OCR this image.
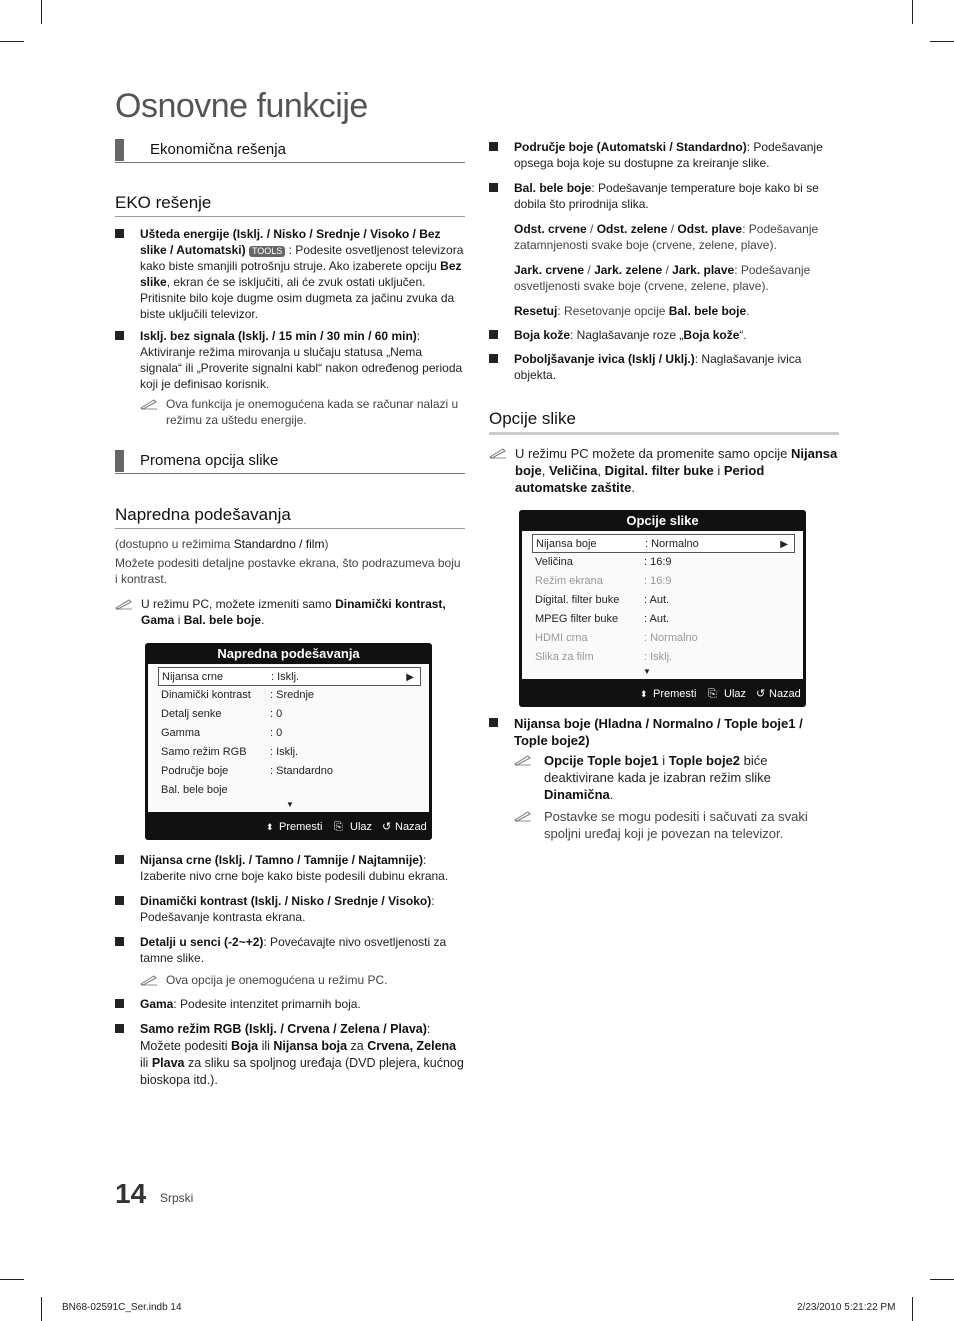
Osnovne funkcije
Ekonomična rešenja
EKO rešenje
Ušteda energije (Isklj. / Nisko / Srednje / Visoko / Bez slike / Automatski) TOOLS : Podesite osvetljenost televizora kako biste smanjili potrošnju struje. Ako izaberete opciju Bez slike, ekran će se isključiti, ali će zvuk ostati uključen. Pritisnite bilo koje dugme osim dugmeta za jačinu zvuka da biste uključili televizor.
Isklj. bez signala (Isklj. / 15 min / 30 min / 60 min): Aktiviranje režima mirovanja u slučaju statusa „Nema signala“ ili „Proverite signalni kabl“ nakon određenog perioda koji je definisao korisnik.
Ova funkcija je onemogućena kada se računar nalazi u režimu za uštedu energije.
Promena opcija slike
Napredna podešavanja
(dostupno u režimima Standardno / film)
Možete podesiti detaljne postavke ekrana, što podrazumeva boju i kontrast.
U režimu PC, možete izmeniti samo Dinamički kontrast,
Gama i Bal. bele boje.
Napredna podešavanja
Nijansa crne	: Isklj.	▶
Dinamički kontrast : Srednje
Detalj senke	: 0
Gamma	: 0
Samo režim RGB : Isklj.
Područje boje	: Standardno
Bal. bele boje
▼
⬍ Premesti ⎘ Ulaz ↺ Nazad
Nijansa crne (Isklj. / Tamno / Tamnije / Najtamnije): Izaberite nivo crne boje kako biste podesili dubinu ekrana.
Dinamički kontrast (Isklj. / Nisko / Srednje / Visoko): Podešavanje kontrasta ekrana.
Detalji u senci (-2~+2): Povećavajte nivo osvetljenosti za tamne slike.
Ova opcija je onemogućena u režimu PC.
Gama: Podesite intenzitet primarnih boja.
Samo režim RGB (Isklj. / Crvena / Zelena / Plava): Možete podesiti Boja ili Nijansa boja za Crvena, Zelena ili Plava za sliku sa spoljnog uređaja (DVD plejera, kućnog bioskopa itd.).
Područje boje (Automatski / Standardno): Podešavanje opsega boja koje su dostupne za kreiranje slike.
Bal. bele boje: Podešavanje temperature boje kako bi se dobila što prirodnija slika.
Odst. crvene / Odst. zelene / Odst. plave: Podešavanje zatamnjenosti svake boje (crvene, zelene, plave).
Jark. crvene / Jark. zelene / Jark. plave: Podešavanje osvetljenosti svake boje (crvene, zelene, plave).
Resetuj: Resetovanje opcije Bal. bele boje.
Boja kože: Naglašavanje roze „Boja kože“.
Poboljšavanje ivica (Isklj / Uklj.): Naglašavanje ivica objekta.
Opcije slike
U režimu PC možete da promenite samo opcije Nijansa boje, Veličina, Digital. filter buke i Period automatske zaštite.
Opcije slike
Nijansa boje	: Normalno	▶
Veličina	: 16:9
Režim ekrana	: 16:9
Digital. filter buke : Aut.
MPEG filter buke : Aut.
HDMI crna	: Normalno
Slika za film	: Isklj.
▼
⬍ Premesti ⎘ Ulaz ↺ Nazad
Nijansa boje (Hladna / Normalno / Tople boje1 / Tople boje2)
Opcije Tople boje1 i Tople boje2 biće deaktivirane kada je izabran režim slike Dinamična.
Postavke se mogu podesiti i sačuvati za svaki spoljni uređaj koji je povezan na televizor.
14 Srpski
BN68-02591C_Ser.indb 14	2/23/2010 5:21:22 PM
